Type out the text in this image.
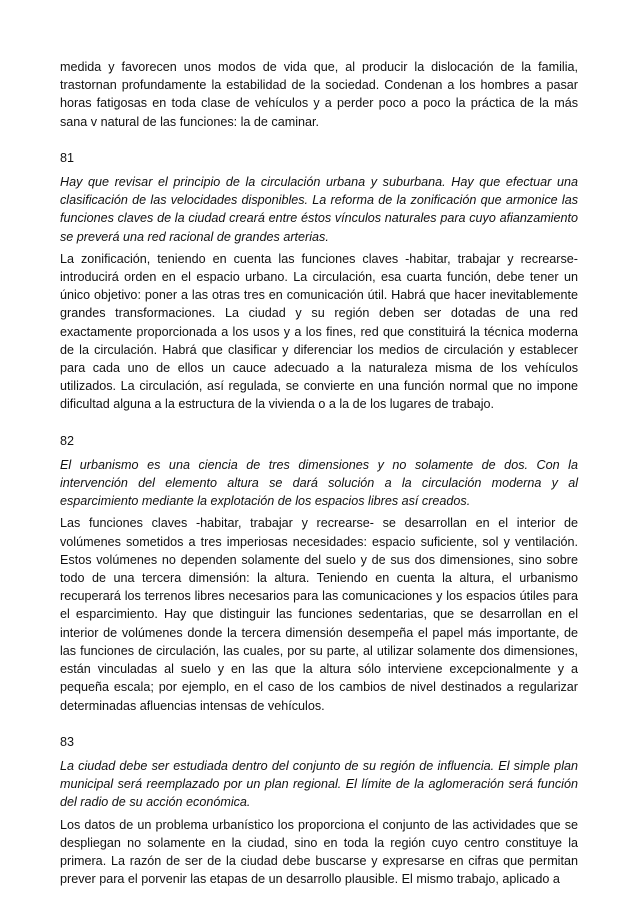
medida y favorecen unos modos de vida que, al producir la dislocación de la familia, trastornan profundamente la estabilidad de la sociedad. Condenan a los hombres a pasar horas fatigosas en toda clase de vehículos y a perder poco a poco la práctica de la más sana v natural de las funciones: la de caminar.

81

Hay que revisar el principio de la circulación urbana y suburbana. Hay que efectuar una clasificación de las velocidades disponibles. La reforma de la zonificación que armonice las funciones claves de la ciudad creará entre éstos vínculos naturales para cuyo afianzamiento se preverá una red racional de grandes arterias.

La zonificación, teniendo en cuenta las funciones claves -habitar, trabajar y recrearse- introducirá orden en el espacio urbano. La circulación, esa cuarta función, debe tener un único objetivo: poner a las otras tres en comunicación útil. Habrá que hacer inevitablemente grandes transformaciones. La ciudad y su región deben ser dotadas de una red exactamente proporcionada a los usos y a los fines, red que constituirá la técnica moderna de la circulación. Habrá que clasificar y diferenciar los medios de circulación y establecer para cada uno de ellos un cauce adecuado a la naturaleza misma de los vehículos utilizados. La circulación, así regulada, se convierte en una función normal que no impone dificultad alguna a la estructura de la vivienda o a la de los lugares de trabajo.

82

El urbanismo es una ciencia de tres dimensiones y no solamente de dos. Con la intervención del elemento altura se dará solución a la circulación moderna y al esparcimiento mediante la explotación de los espacios libres así creados.

Las funciones claves -habitar, trabajar y recrearse- se desarrollan en el interior de volúmenes sometidos a tres imperiosas necesidades: espacio suficiente, sol y ventilación. Estos volúmenes no dependen solamente del suelo y de sus dos dimensiones, sino sobre todo de una tercera dimensión: la altura. Teniendo en cuenta la altura, el urbanismo recuperará los terrenos libres necesarios para las comunicaciones y los espacios útiles para el esparcimiento. Hay que distinguir las funciones sedentarias, que se desarrollan en el interior de volúmenes donde la tercera dimensión desempeña el papel más importante, de las funciones de circulación, las cuales, por su parte, al utilizar solamente dos dimensiones, están vinculadas al suelo y en las que la altura sólo interviene excepcionalmente y a pequeña escala; por ejemplo, en el caso de los cambios de nivel destinados a regularizar determinadas afluencias intensas de vehículos.

83

La ciudad debe ser estudiada dentro del conjunto de su región de influencia. El simple plan municipal será reemplazado por un plan regional. El límite de la aglomeración será función del radio de su acción económica.

Los datos de un problema urbanístico los proporciona el conjunto de las actividades que se despliegan no solamente en la ciudad, sino en toda la región cuyo centro constituye la primera. La razón de ser de la ciudad debe buscarse y expresarse en cifras que permitan prever para el porvenir las etapas de un desarrollo plausible. El mismo trabajo, aplicado a
